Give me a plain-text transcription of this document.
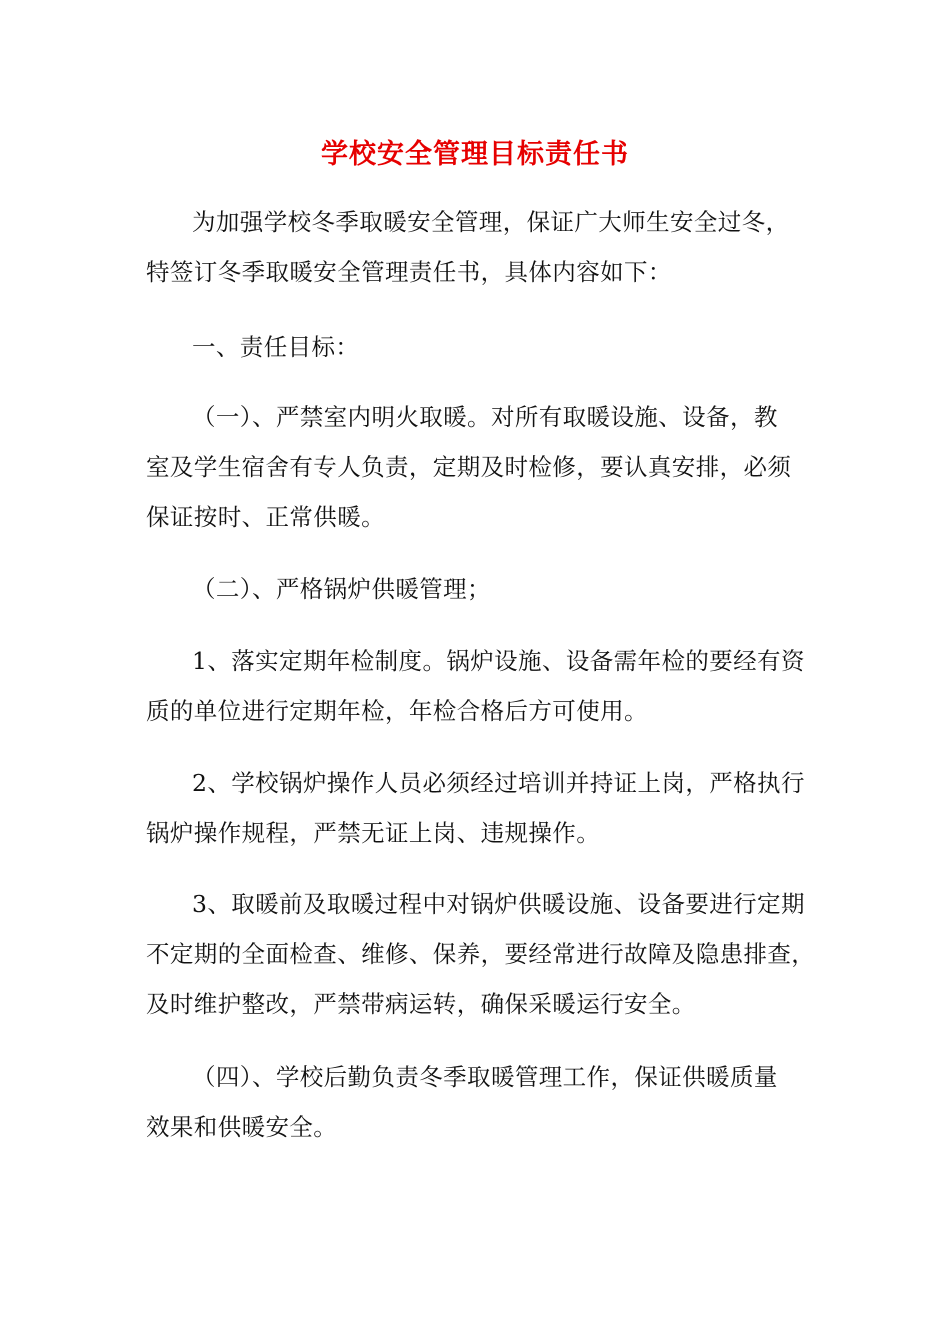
学校安全管理目标责任书
为加强学校冬季取暖安全管理，保证广大师生安全过冬，
特签订冬季取暖安全管理责任书，具体内容如下：
一、责任目标：
（一）、严禁室内明火取暖。对所有取暖设施、设备，教
室及学生宿舍有专人负责，定期及时检修，要认真安排，必须
保证按时、正常供暖。
（二）、严格锅炉供暖管理；
1、落实定期年检制度。锅炉设施、设备需年检的要经有资
质的单位进行定期年检，年检合格后方可使用。
2、学校锅炉操作人员必须经过培训并持证上岗，严格执行
锅炉操作规程，严禁无证上岗、违规操作。
3、取暖前及取暖过程中对锅炉供暖设施、设备要进行定期
不定期的全面检查、维修、保养，要经常进行故障及隐患排查，
及时维护整改，严禁带病运转，确保采暖运行安全。
（四）、学校后勤负责冬季取暖管理工作，保证供暖质量
效果和供暖安全。
